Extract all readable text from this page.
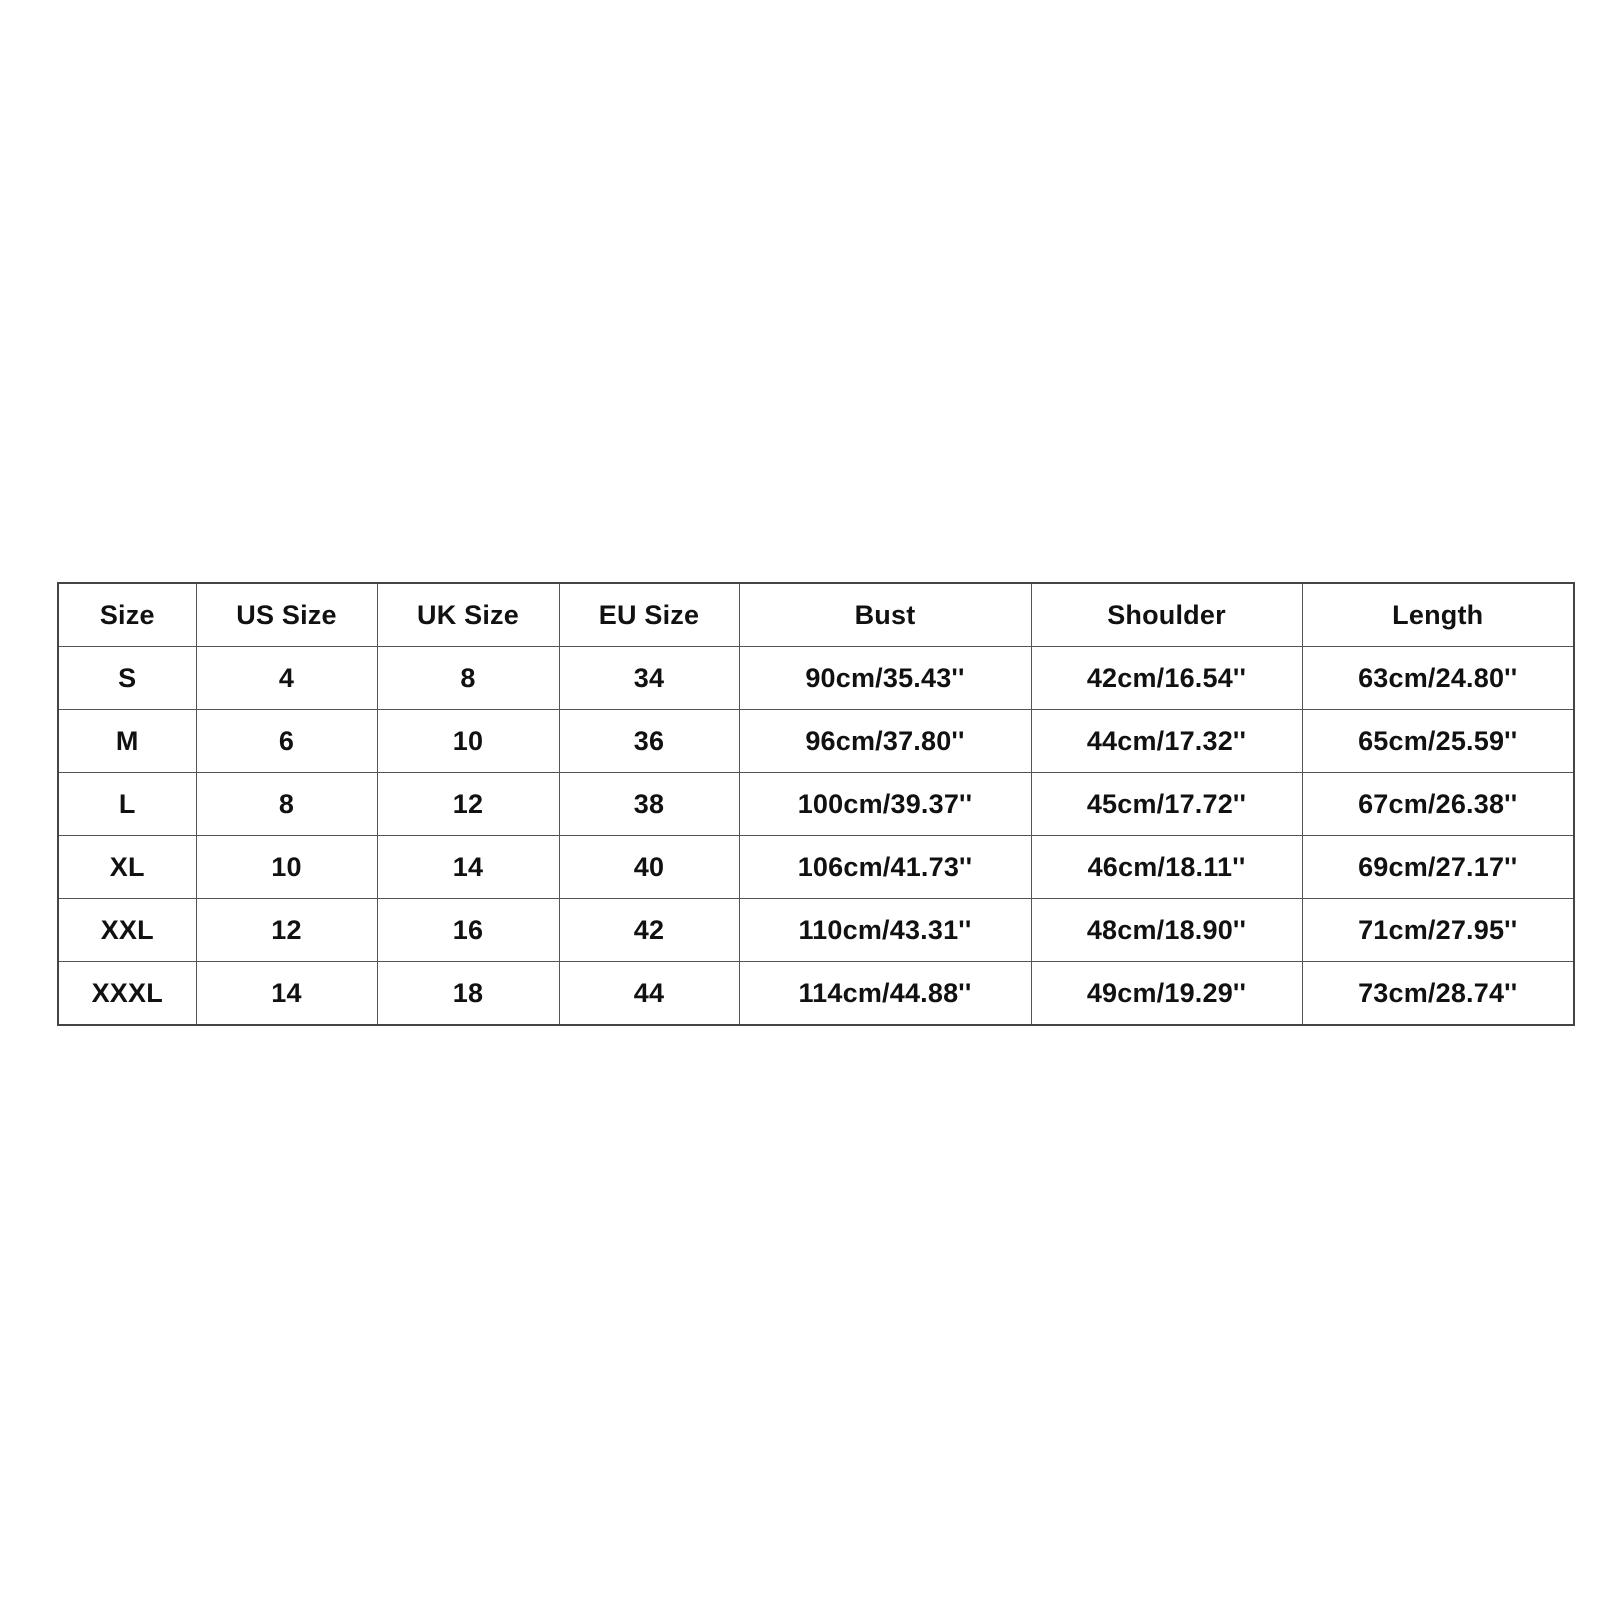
Size	US Size	UK Size	EU Size	Bust	Shoulder	Length
S	4	8	34	90cm/35.43''	42cm/16.54''	63cm/24.80''
M	6	10	36	96cm/37.80''	44cm/17.32''	65cm/25.59''
L	8	12	38	100cm/39.37''	45cm/17.72''	67cm/26.38''
XL	10	14	40	106cm/41.73''	46cm/18.11''	69cm/27.17''
XXL	12	16	42	110cm/43.31''	48cm/18.90''	71cm/27.95''
XXXL	14	18	44	114cm/44.88''	49cm/19.29''	73cm/28.74''
